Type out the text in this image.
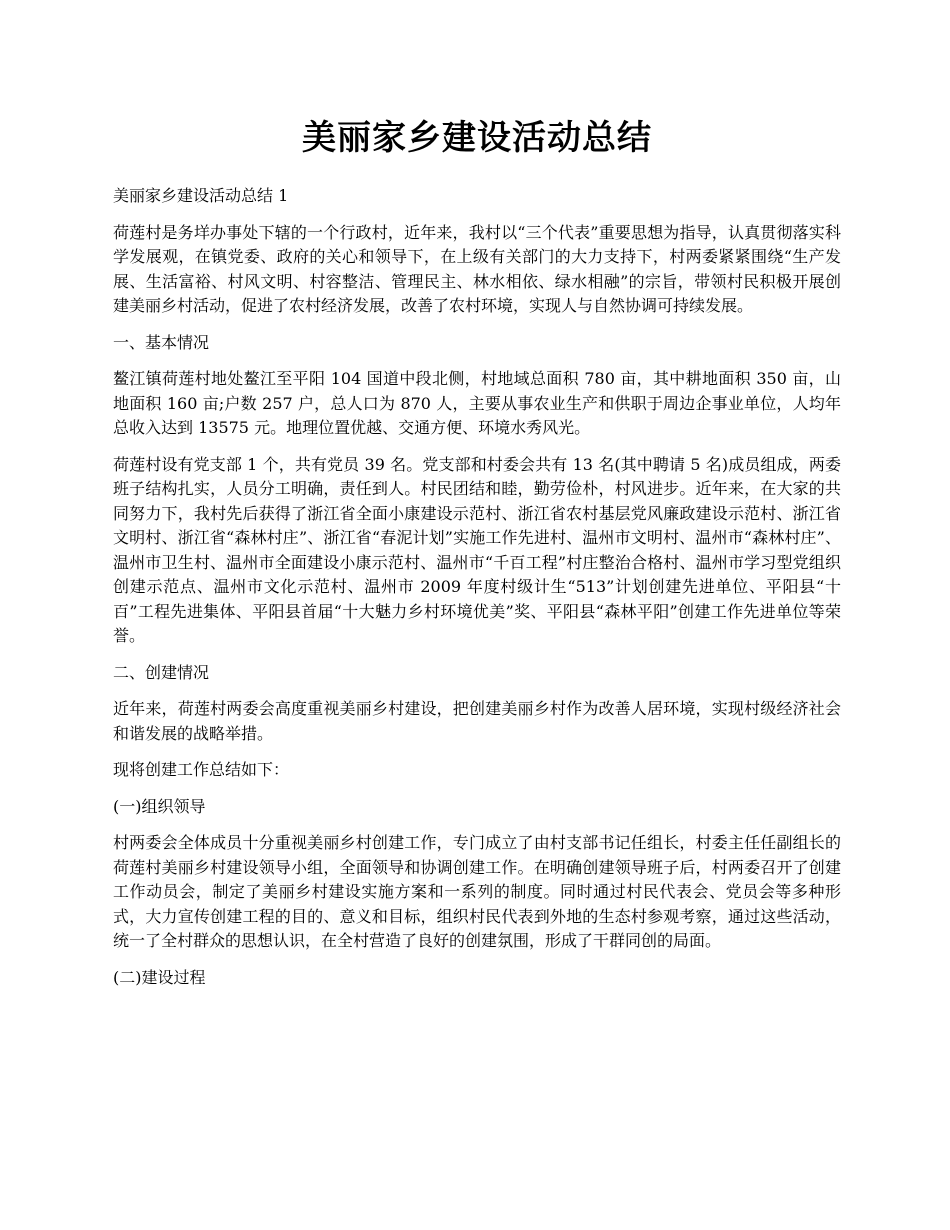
美丽家乡建设活动总结

美丽家乡建设活动总结 1

荷莲村是务垟办事处下辖的一个行政村，近年来，我村以“三个代表”重要思想为指导，认真贯彻落实科学发展观，在镇党委、政府的关心和领导下，在上级有关部门的大力支持下，村两委紧紧围绕“生产发展、生活富裕、村风文明、村容整洁、管理民主、林水相依、绿水相融”的宗旨，带领村民积极开展创建美丽乡村活动，促进了农村经济发展，改善了农村环境，实现人与自然协调可持续发展。

一、基本情况

鳌江镇荷莲村地处鳌江至平阳 104 国道中段北侧，村地域总面积 780 亩，其中耕地面积 350 亩，山地面积 160 亩;户数 257 户，总人口为 870 人，主要从事农业生产和供职于周边企事业单位，人均年总收入达到 13575 元。地理位置优越、交通方便、环境水秀风光。

荷莲村设有党支部 1 个，共有党员 39 名。党支部和村委会共有 13 名(其中聘请 5 名)成员组成，两委班子结构扎实，人员分工明确，责任到人。村民团结和睦，勤劳俭朴，村风进步。近年来，在大家的共同努力下，我村先后获得了浙江省全面小康建设示范村、浙江省农村基层党风廉政建设示范村、浙江省文明村、浙江省“森林村庄”、浙江省“春泥计划”实施工作先进村、温州市文明村、温州市“森林村庄”、温州市卫生村、温州市全面建设小康示范村、温州市“千百工程”村庄整治合格村、温州市学习型党组织创建示范点、温州市文化示范村、温州市 2009 年度村级计生“513”计划创建先进单位、平阳县“十百”工程先进集体、平阳县首届“十大魅力乡村环境优美”奖、平阳县“森林平阳”创建工作先进单位等荣誉。

二、创建情况

近年来，荷莲村两委会高度重视美丽乡村建设，把创建美丽乡村作为改善人居环境，实现村级经济社会和谐发展的战略举措。

现将创建工作总结如下：

(一)组织领导

村两委会全体成员十分重视美丽乡村创建工作，专门成立了由村支部书记任组长，村委主任任副组长的荷莲村美丽乡村建设领导小组，全面领导和协调创建工作。在明确创建领导班子后，村两委召开了创建工作动员会，制定了美丽乡村建设实施方案和一系列的制度。同时通过村民代表会、党员会等多种形式，大力宣传创建工程的目的、意义和目标，组织村民代表到外地的生态村参观考察，通过这些活动，统一了全村群众的思想认识，在全村营造了良好的创建氛围，形成了干群同创的局面。

(二)建设过程
